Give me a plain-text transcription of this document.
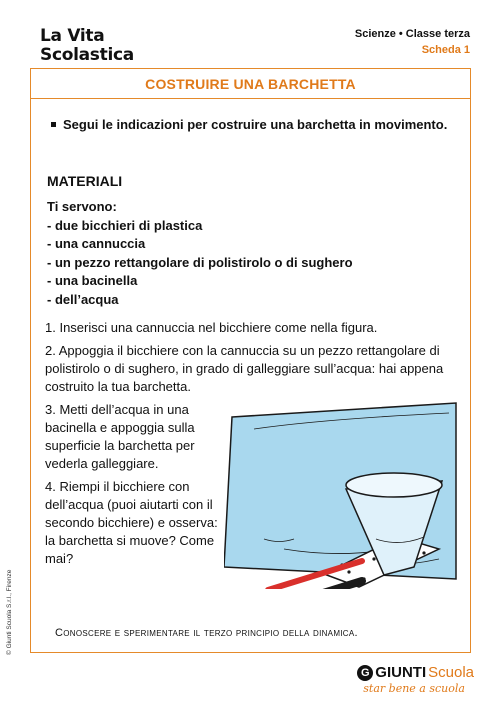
La Vita
Scolastica
Scienze • Classe terza
Scheda 1
COSTRUIRE UNA BARCHETTA
Segui le indicazioni per costruire una barchetta in movimento.
MATERIALI
Ti servono:
- due bicchieri di plastica
- una cannuccia
- un pezzo rettangolare di polistirolo o di sughero
- una bacinella
- dell’acqua
1. Inserisci una cannuccia nel bicchiere come nella figura.
2. Appoggia il bicchiere con la cannuccia su un pezzo rettangolare di polistirolo o di sughero, in grado di galleggiare sull’acqua: hai appena costruito la tua barchetta.
3. Metti dell’acqua in una bacinella e appoggia sulla superficie la barchetta per vederla galleggiare.
4. Riempi il bicchiere con dell’acqua (puoi aiutarti con il secondo bicchiere) e osserva: la barchetta si muove? Come mai?
Conoscere e sperimentare il terzo principio della dinamica.
© Giunti Scuola S.r.l., Firenze
G GIUNTI Scuola
star bene a scuola
